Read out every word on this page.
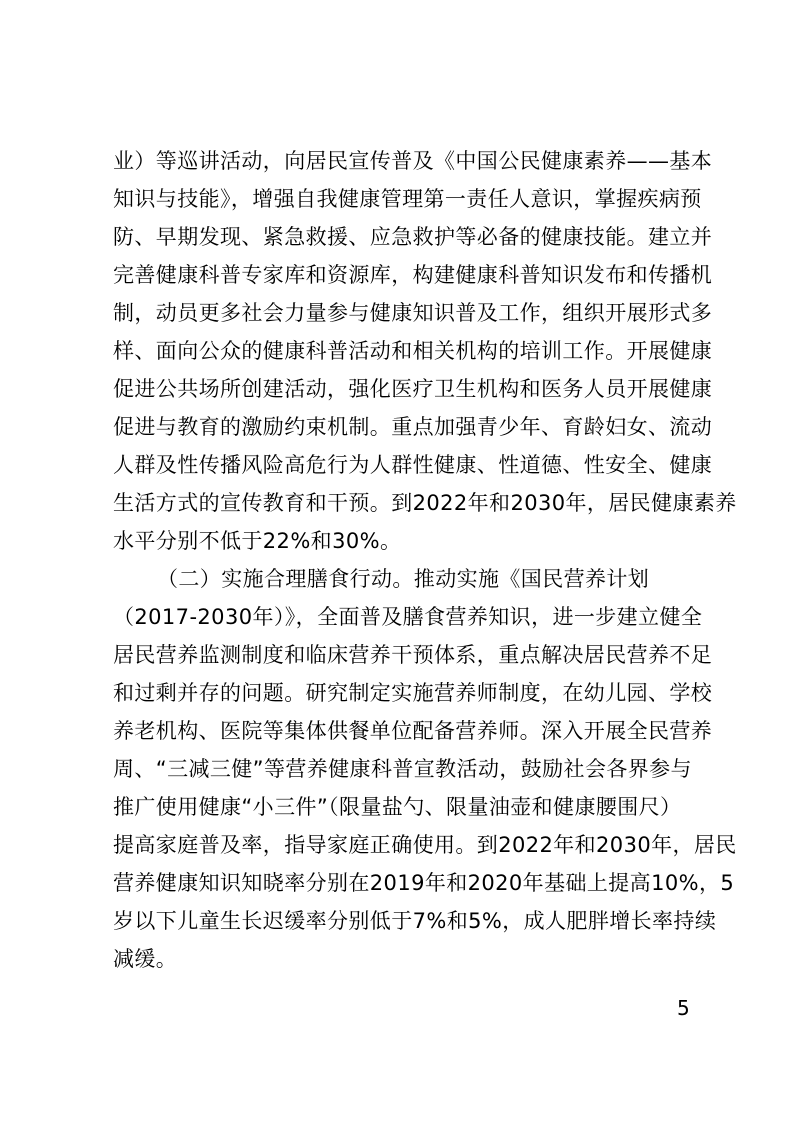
业）等巡讲活动，向居民宣传普及《中国公民健康素养——基本
知识与技能》，增强自我健康管理第一责任人意识，掌握疾病预
防、早期发现、紧急救援、应急救护等必备的健康技能。建立并
完善健康科普专家库和资源库，构建健康科普知识发布和传播机
制，动员更多社会力量参与健康知识普及工作，组织开展形式多
样、面向公众的健康科普活动和相关机构的培训工作。开展健康
促进公共场所创建活动，强化医疗卫生机构和医务人员开展健康
促进与教育的激励约束机制。重点加强青少年、育龄妇女、流动
人群及性传播风险高危行为人群性健康、性道德、性安全、健康
生活方式的宣传教育和干预。到2022年和2030年，居民健康素养
水平分别不低于22%和30%。
（二）实施合理膳食行动。推动实施《国民营养计划
（2017-2030年）》，全面普及膳食营养知识，进一步建立健全
居民营养监测制度和临床营养干预体系，重点解决居民营养不足
和过剩并存的问题。研究制定实施营养师制度，在幼儿园、学校
养老机构、医院等集体供餐单位配备营养师。深入开展全民营养
周、“三减三健”等营养健康科普宣教活动，鼓励社会各界参与
推广使用健康“小三件”（限量盐勺、限量油壶和健康腰围尺）
提高家庭普及率，指导家庭正确使用。到2022年和2030年，居民
营养健康知识知晓率分别在2019年和2020年基础上提高10%，5
岁以下儿童生长迟缓率分别低于7%和5%，成人肥胖增长率持续
减缓。
5
